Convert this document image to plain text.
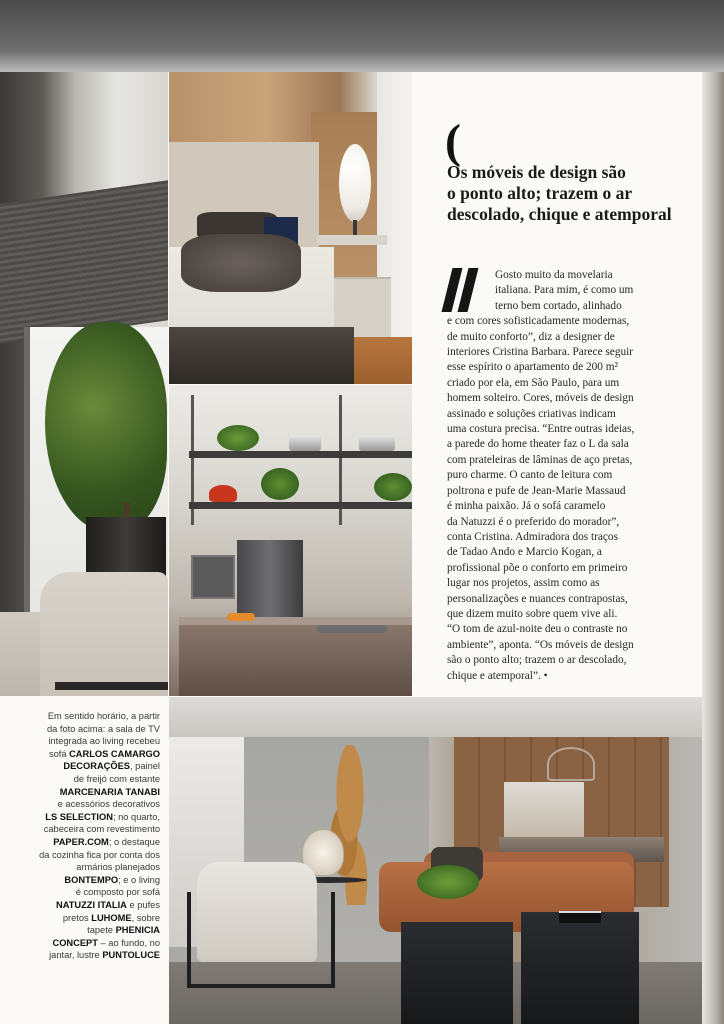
(
Os móveis de design são
o ponto alto; trazem o ar
descolado, chique e atemporal

Gosto muito da movelaria
italiana. Para mim, é como um
terno bem cortado, alinhado
e com cores sofisticadamente modernas,
de muito conforto”, diz a designer de
interiores Cristina Barbara. Parece seguir
esse espírito o apartamento de 200 m²
criado por ela, em São Paulo, para um
homem solteiro. Cores, móveis de design
assinado e soluções criativas indicam
uma costura precisa. “Entre outras ideias,
a parede do home theater faz o L da sala
com prateleiras de lâminas de aço pretas,
puro charme. O canto de leitura com
poltrona e pufe de Jean-Marie Massaud
é minha paixão. Já o sofá caramelo
da Natuzzi é o preferido do morador”,
conta Cristina. Admiradora dos traços
de Tadao Ando e Marcio Kogan, a
profissional põe o conforto em primeiro
lugar nos projetos, assim como as
personalizações e nuances contrapostas,
que dizem muito sobre quem vive ali.
“O tom de azul-noite deu o contraste no
ambiente”, aponta. “Os móveis de design
são o ponto alto; trazem o ar descolado,
chique e atemporal”. •

Em sentido horário, a partir
da foto acima: a sala de TV
integrada ao living recebeu
sofá CARLOS CAMARGO
DECORAÇÕES, painel
de freijó com estante
MARCENARIA TANABI
e acessórios decorativos
LS SELECTION; no quarto,
cabeceira com revestimento
PAPER.COM; o destaque
da cozinha fica por conta dos
armários planejados
BONTEMPO; e o living
é composto por sofá
NATUZZI ITALIA e pufes
pretos LUHOME, sobre
tapete PHENICIA
CONCEPT – ao fundo, no
jantar, lustre PUNTOLUCE
